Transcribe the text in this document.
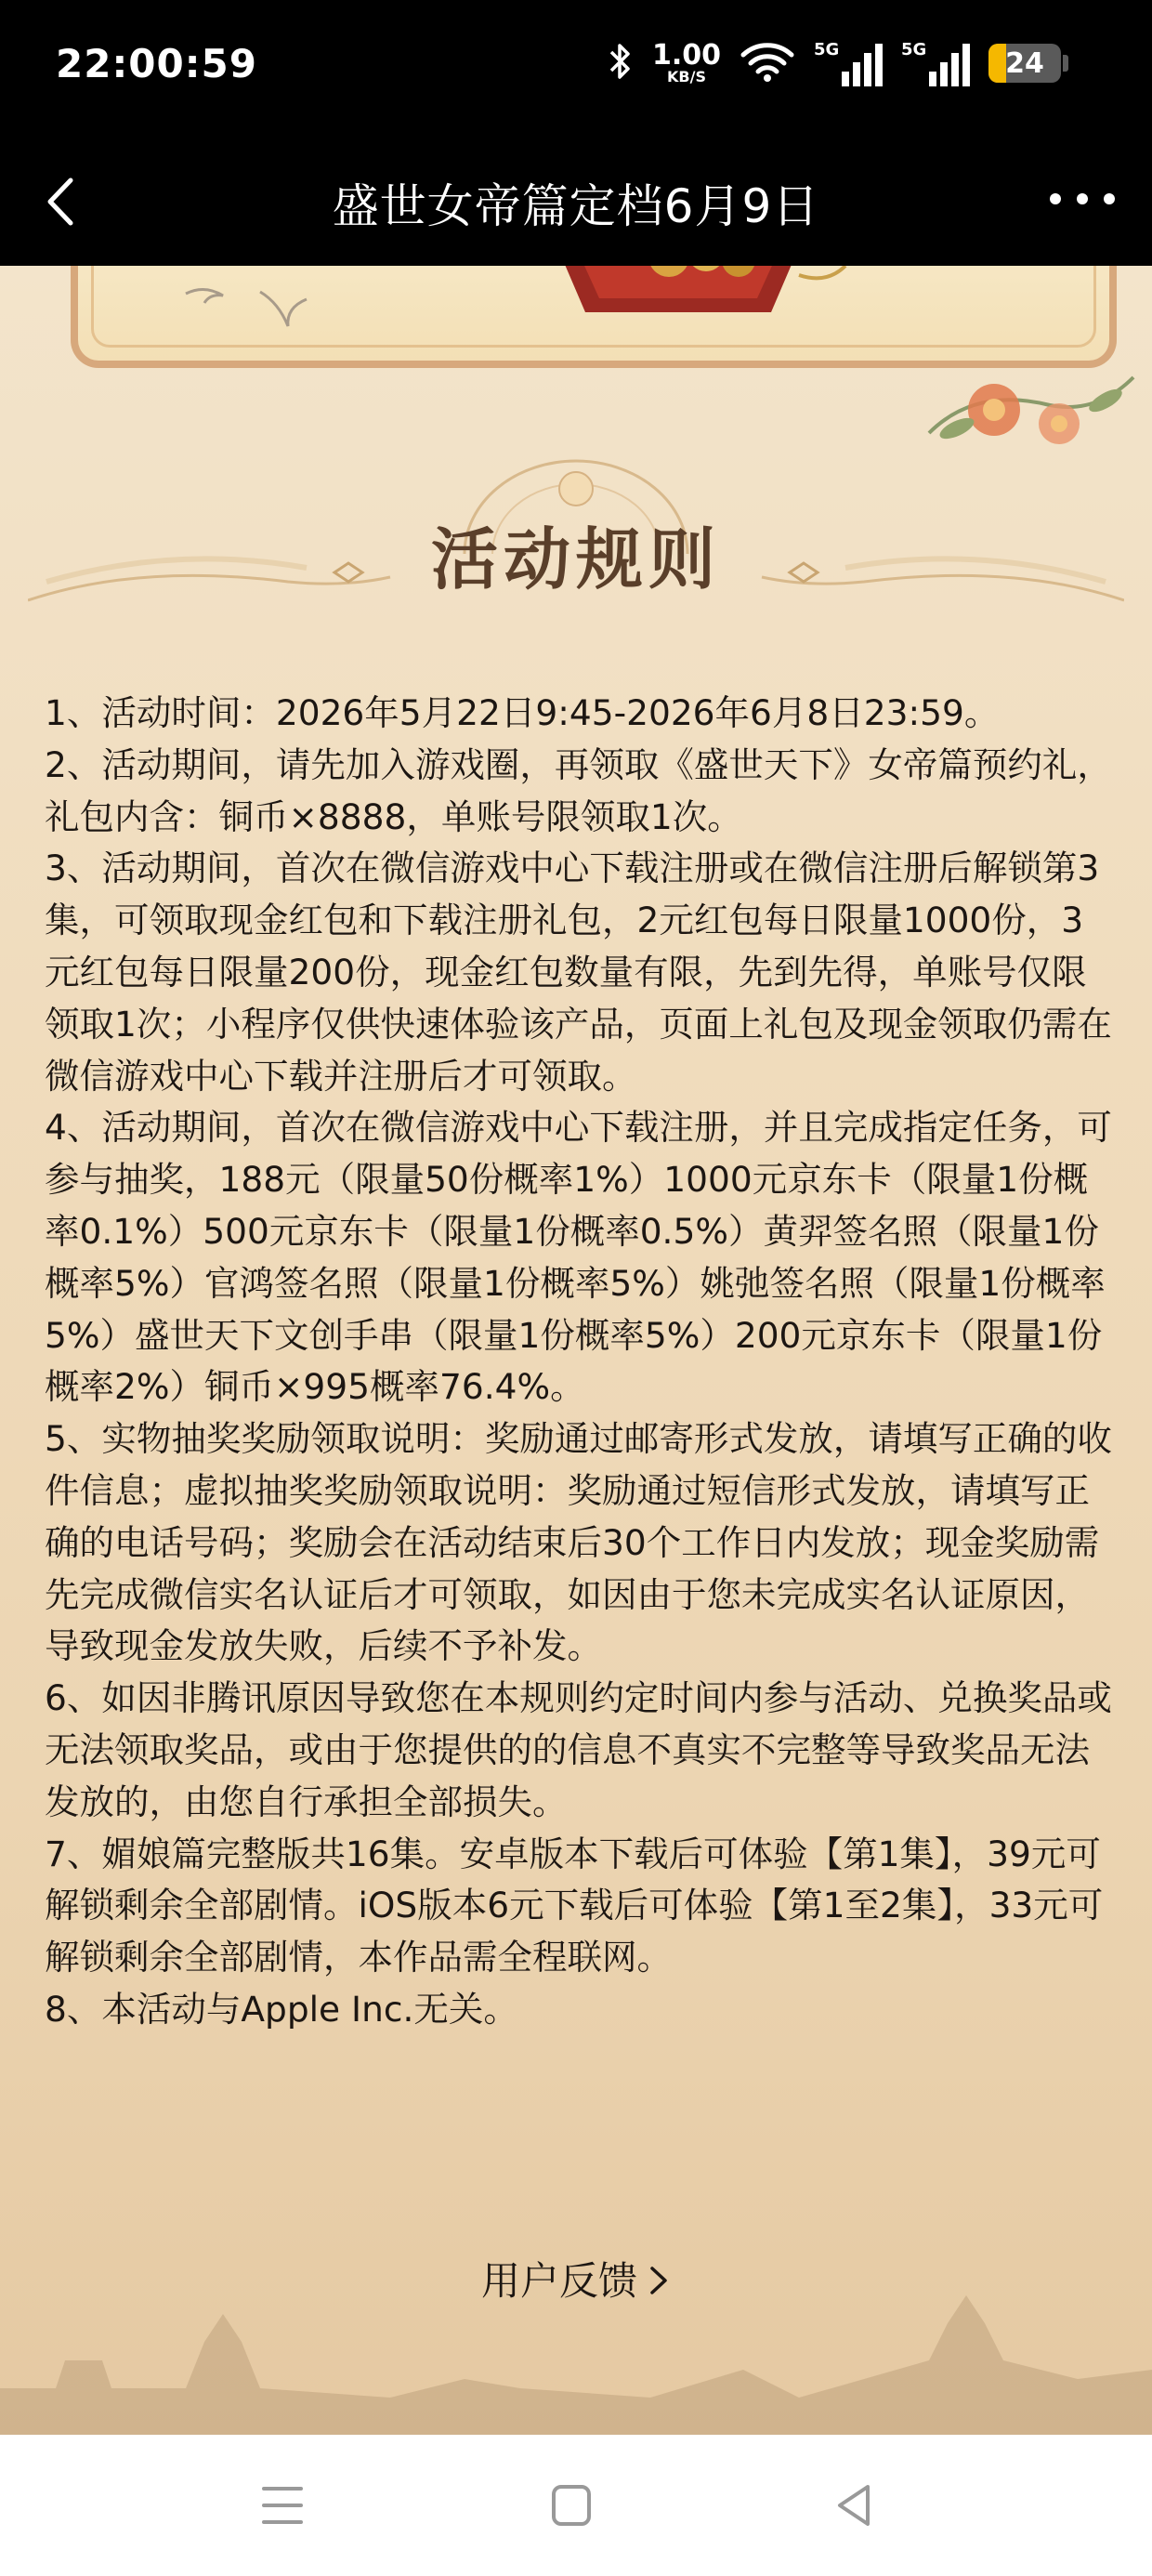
22:00:59	1.00
KB/S
5G	5G	24
盛世女帝篇定档6月9日
活动规则

1、活动时间：2026年5月22日9:45-2026年6月8日23:59。

2、活动期间，请先加入游戏圈，再领取《盛世天下》女帝篇预约礼，礼包内含：铜币×8888，单账号限领取1次。

3、活动期间，首次在微信游戏中心下载注册或在微信注册后解锁第3集，可领取现金红包和下载注册礼包，2元红包每日限量1000份，3元红包每日限量200份，现金红包数量有限，先到先得，单账号仅限领取1次；小程序仅供快速体验该产品，页面上礼包及现金领取仍需在微信游戏中心下载并注册后才可领取。

4、活动期间，首次在微信游戏中心下载注册，并且完成指定任务，可参与抽奖，188元（限量50份概率1%）1000元京东卡（限量1份概率0.1%）500元京东卡（限量1份概率0.5%）黄羿签名照（限量1份概率5%）官鸿签名照（限量1份概率5%）姚弛签名照（限量1份概率5%）盛世天下文创手串（限量1份概率5%）200元京东卡（限量1份概率2%）铜币×995概率76.4%。

5、实物抽奖奖励领取说明：奖励通过邮寄形式发放，请填写正确的收件信息；虚拟抽奖奖励领取说明：奖励通过短信形式发放，请填写正确的电话号码；奖励会在活动结束后30个工作日内发放；现金奖励需先完成微信实名认证后才可领取，如因由于您未完成实名认证原因，导致现金发放失败，后续不予补发。

6、如因非腾讯原因导致您在本规则约定时间内参与活动、兑换奖品或无法领取奖品，或由于您提供的的信息不真实不完整等导致奖品无法发放的，由您自行承担全部损失。

7、媚娘篇完整版共16集。安卓版本下载后可体验【第1集】，39元可解锁剩余全部剧情。iOS版本6元下载后可体验【第1至2集】，33元可解锁剩余全部剧情，本作品需全程联网。

8、本活动与Apple Inc.无关。

用户反馈
